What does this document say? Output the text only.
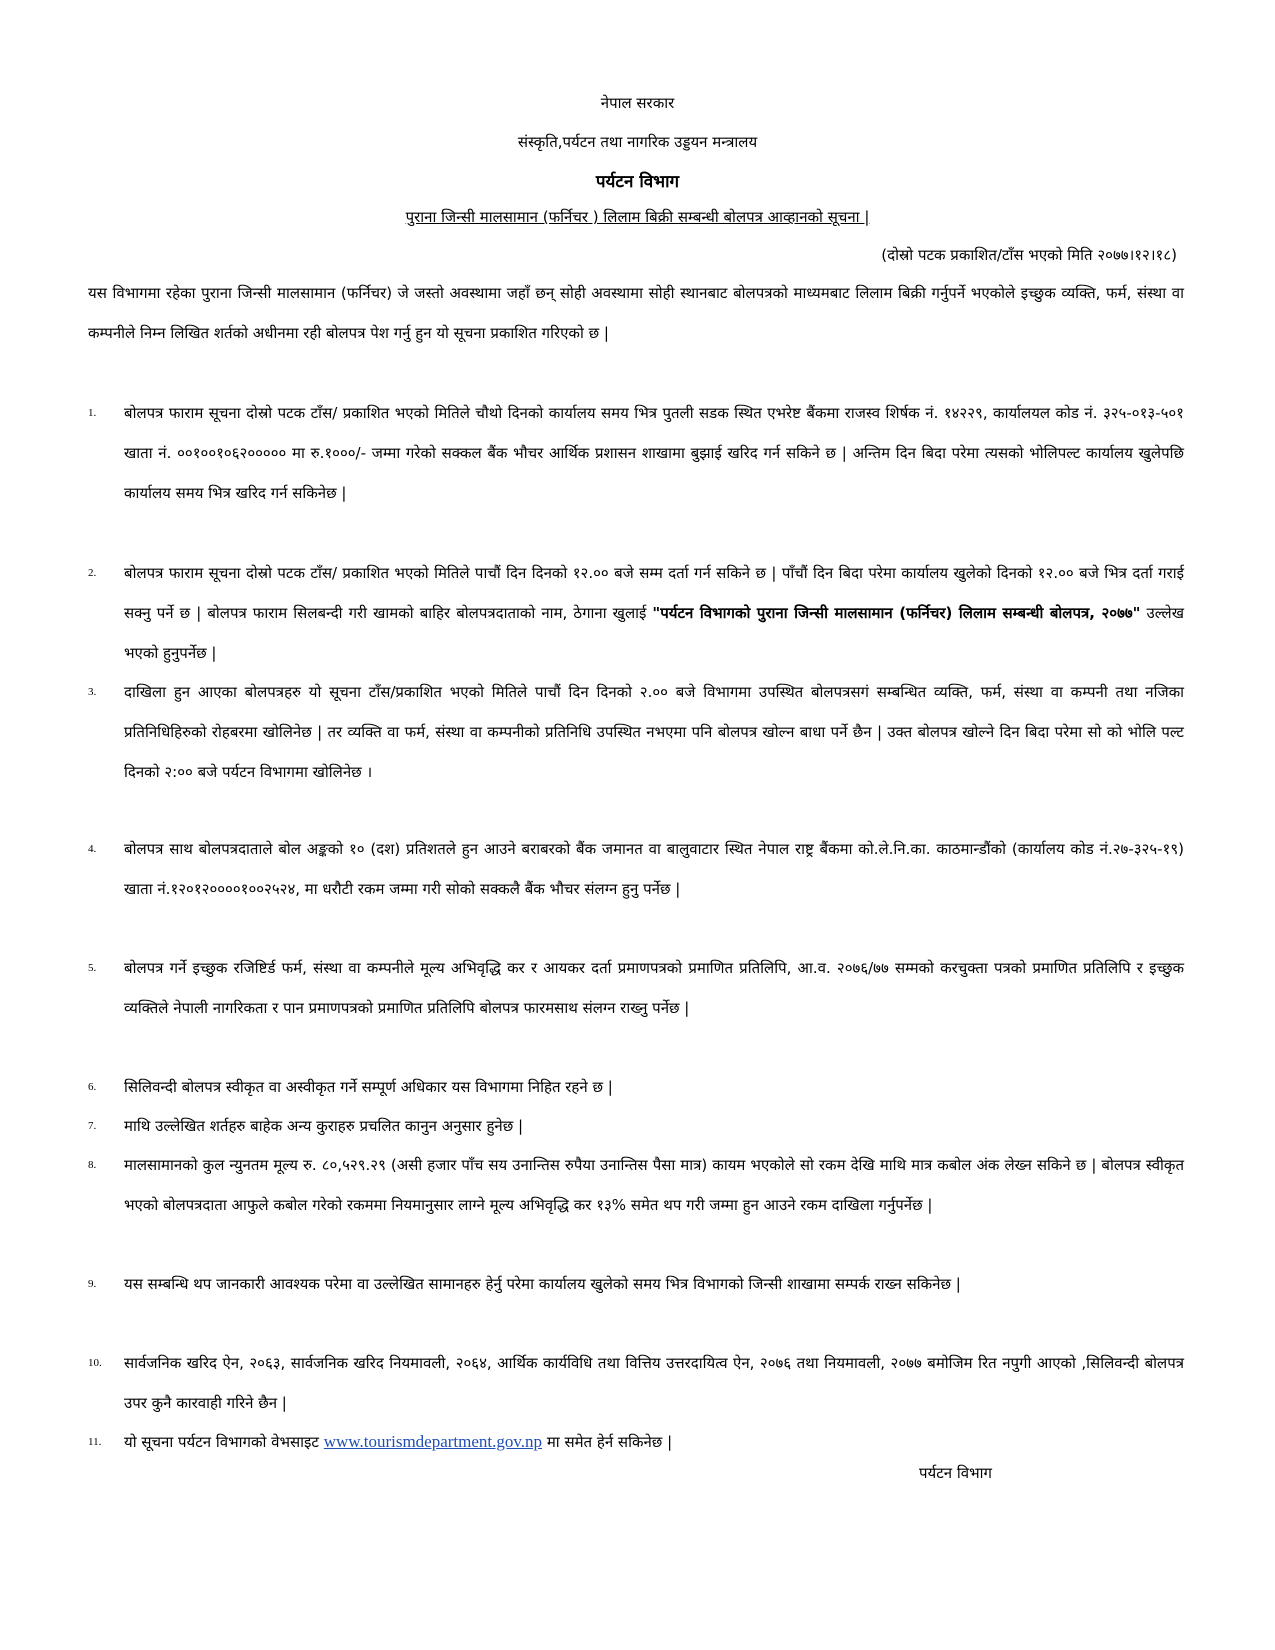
नेपाल सरकार
संस्कृति,पर्यटन तथा नागरिक उड्डयन मन्त्रालय
पर्यटन विभाग
पुराना जिन्सी मालसामान (फर्निचर ) लिलाम बिक्री सम्बन्धी बोलपत्र आव्हानको सूचना |
(दोस्रो पटक प्रकाशित/टाँस भएको मिति २०७७।१२।१८)

यस विभागमा रहेका पुराना जिन्सी मालसामान (फर्निचर) जे जस्तो अवस्थामा जहाँ छन् सोही अवस्थामा सोही स्थानबाट बोलपत्रको माध्यमबाट लिलाम बिक्री गर्नुपर्ने भएकोले इच्छुक व्यक्ति, फर्म, संस्था वा कम्पनीले निम्न लिखित शर्तको अधीनमा रही बोलपत्र पेश गर्नु हुन यो सूचना प्रकाशित गरिएको छ |

1.	बोलपत्र फाराम सूचना दोस्रो पटक टाँस/ प्रकाशित भएको मितिले चौथो दिनको कार्यालय समय भित्र पुतली सडक स्थित एभरेष्ट बैंकमा राजस्व शिर्षक नं. १४२२९, कार्यालयल कोड नं. ३२५-०१३-५०१ खाता नं. ००१००१०६२००००० मा रु.१०००/- जम्मा गरेको सक्कल बैंक भौचर आर्थिक प्रशासन शाखामा बुझाई खरिद गर्न सकिने छ | अन्तिम दिन बिदा परेमा त्यसको भोलिपल्ट कार्यालय खुलेपछि कार्यालय समय भित्र खरिद गर्न सकिनेछ |

2.	बोलपत्र फाराम सूचना दोस्रो पटक टाँस/ प्रकाशित भएको मितिले पाचौं दिन दिनको १२.०० बजे सम्म दर्ता गर्न सकिने छ | पाँचौं दिन बिदा परेमा कार्यालय खुलेको दिनको १२.०० बजे भित्र दर्ता गराई सक्नु पर्ने छ | बोलपत्र फाराम सिलबन्दी गरी खामको बाहिर बोलपत्रदाताको नाम, ठेगाना खुलाई "पर्यटन विभागको पुराना जिन्सी मालसामान (फर्निचर) लिलाम सम्बन्धी बोलपत्र, २०७७" उल्लेख भएको हुनुपर्नेछ |

3.	दाखिला हुन आएका बोलपत्रहरु यो सूचना टाँस/प्रकाशित भएको मितिले पाचौं दिन दिनको २.०० बजे विभागमा उपस्थित बोलपत्रसगं सम्बन्धित व्यक्ति, फर्म, संस्था वा कम्पनी तथा नजिका प्रतिनिधिहिरुको रोहबरमा खोलिनेछ | तर व्यक्ति वा फर्म, संस्था वा कम्पनीको प्रतिनिधि उपस्थित नभएमा पनि बोलपत्र खोल्न बाधा पर्ने छैन | उक्त बोलपत्र खोल्ने दिन बिदा परेमा सो को भोलि पल्ट दिनको २:०० बजे पर्यटन विभागमा खोलिनेछ ।

4.	बोलपत्र साथ बोलपत्रदाताले बोल अङ्कको १० (दश) प्रतिशतले हुन आउने बराबरको बैंक जमानत वा बालुवाटार स्थित नेपाल राष्ट्र बैंकमा को.ले.नि.का. काठमान्डौंको (कार्यालय कोड नं.२७-३२५-१९) खाता नं.१२०१२००००१००२५२४, मा धरौटी रकम जम्मा गरी सोको सक्कलै बैंक भौचर संलग्न हुनु पर्नेछ |

5.	बोलपत्र गर्ने इच्छुक रजिष्टिर्ड फर्म, संस्था वा कम्पनीले मूल्य अभिवृद्धि कर र आयकर दर्ता प्रमाणपत्रको प्रमाणित प्रतिलिपि, आ.व. २०७६/७७ सम्मको करचुक्ता पत्रको प्रमाणित प्रतिलिपि र इच्छुक व्यक्तिले नेपाली नागरिकता र पान प्रमाणपत्रको प्रमाणित प्रतिलिपि बोलपत्र फारमसाथ संलग्न राख्नु पर्नेछ |

6.	सिलिवन्दी बोलपत्र स्वीकृत वा अस्वीकृत गर्ने सम्पूर्ण अधिकार यस विभागमा निहित रहने छ |

7.	माथि उल्लेखित शर्तहरु बाहेक अन्य कुराहरु प्रचलित कानुन अनुसार हुनेछ |

8.	मालसामानको कुल न्युनतम मूल्य रु. ८०,५२९.२९ (असी हजार पाँच सय उनान्तिस रुपैया उनान्तिस पैसा मात्र) कायम भएकोले सो रकम देखि माथि मात्र कबोल अंक लेख्न सकिने छ | बोलपत्र स्वीकृत भएको बोलपत्रदाता आफुले कबोल गरेको रकममा नियमानुसार लाग्ने मूल्य अभिवृद्धि कर १३% समेत थप गरी जम्मा हुन आउने रकम दाखिला गर्नुपर्नेछ |

9.	यस सम्बन्धि थप जानकारी आवश्यक परेमा वा उल्लेखित सामानहरु हेर्नु परेमा कार्यालय खुलेको समय भित्र विभागको जिन्सी शाखामा सम्पर्क राख्न सकिनेछ |

10.	सार्वजनिक खरिद ऐन, २०६३, सार्वजनिक खरिद नियमावली, २०६४, आर्थिक कार्यविधि तथा वित्तिय उत्तरदायित्व ऐन, २०७६ तथा नियमावली, २०७७ बमोजिम रित नपुगी आएको ,सिलिवन्दी बोलपत्र उपर कुनै कारवाही गरिने छैन |

11.	यो सूचना पर्यटन विभागको वेभसाइट www.tourismdepartment.gov.np मा समेत हेर्न सकिनेछ |

पर्यटन विभाग
